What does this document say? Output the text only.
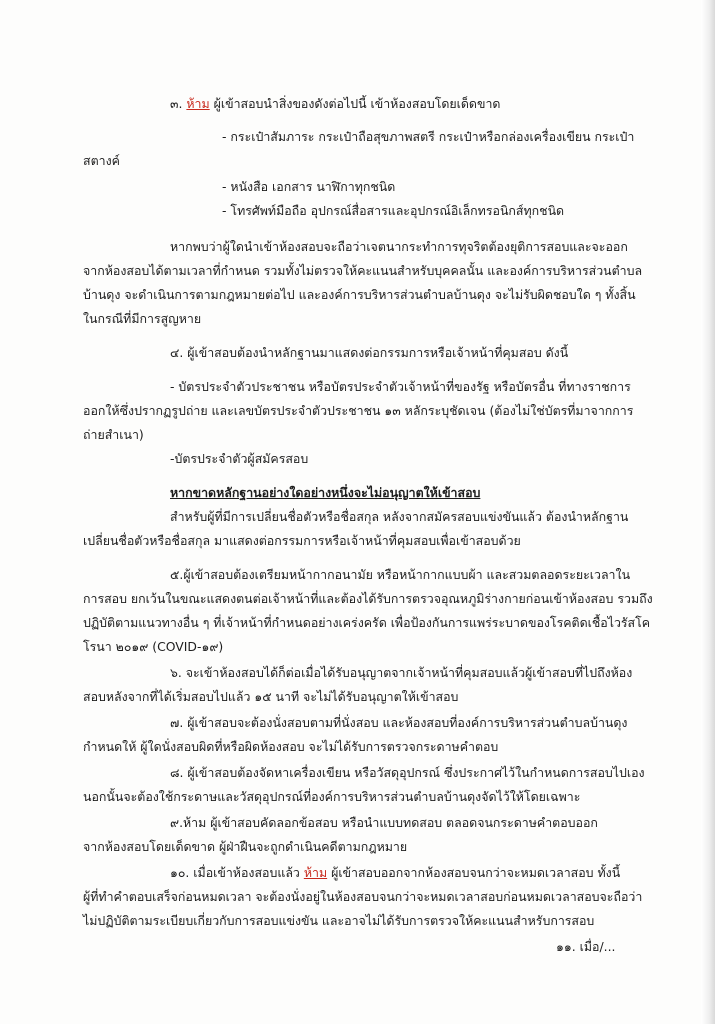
๓. ห้าม ผู้เข้าสอบนำสิ่งของดังต่อไปนี้ เข้าห้องสอบโดยเด็ดขาด
- กระเป๋าสัมภาระ กระเป๋าถือสุขภาพสตรี กระเป๋าหรือกล่องเครื่องเขียน กระเป๋า
สตางค์
- หนังสือ เอกสาร นาฬิกาทุกชนิด
- โทรศัพท์มือถือ อุปกรณ์สื่อสารและอุปกรณ์อิเล็กทรอนิกส์ทุกชนิด
หากพบว่าผู้ใดนำเข้าห้องสอบจะถือว่าเจตนากระทำการทุจริตต้องยุติการสอบและจะออก
จากห้องสอบได้ตามเวลาที่กำหนด รวมทั้งไม่ตรวจให้คะแนนสำหรับบุคคลนั้น และองค์การบริหารส่วนตำบล
บ้านดุง จะดำเนินการตามกฎหมายต่อไป และองค์การบริหารส่วนตำบลบ้านดุง จะไม่รับผิดชอบใด ๆ ทั้งสิ้น
ในกรณีที่มีการสูญหาย
๔. ผู้เข้าสอบต้องนำหลักฐานมาแสดงต่อกรรมการหรือเจ้าหน้าที่คุมสอบ ดังนี้
- บัตรประจำตัวประชาชน หรือบัตรประจำตัวเจ้าหน้าที่ของรัฐ หรือบัตรอื่น ที่ทางราชการ
ออกให้ซึ่งปรากฏรูปถ่าย และเลขบัตรประจำตัวประชาชน ๑๓ หลักระบุชัดเจน (ต้องไม่ใช่บัตรที่มาจากการ
ถ่ายสำเนา)
-บัตรประจำตัวผู้สมัครสอบ
หากขาดหลักฐานอย่างใดอย่างหนึ่งจะไม่อนุญาตให้เข้าสอบ
สำหรับผู้ที่มีการเปลี่ยนชื่อตัวหรือชื่อสกุล หลังจากสมัครสอบแข่งขันแล้ว ต้องนำหลักฐาน
เปลี่ยนชื่อตัวหรือชื่อสกุล มาแสดงต่อกรรมการหรือเจ้าหน้าที่คุมสอบเพื่อเข้าสอบด้วย
๕.ผู้เข้าสอบต้องเตรียมหน้ากากอนามัย หรือหน้ากากแบบผ้า และสวมตลอดระยะเวลาใน
การสอบ ยกเว้นในขณะแสดงตนต่อเจ้าหน้าที่และต้องได้รับการตรวจอุณหภูมิร่างกายก่อนเข้าห้องสอบ รวมถึง
ปฏิบัติตามแนวทางอื่น ๆ ที่เจ้าหน้าที่กำหนดอย่างเคร่งครัด เพื่อป้องกันการแพร่ระบาดของโรคติดเชื้อไวรัสโค
โรนา ๒๐๑๙ (COVID-๑๙)
๖. จะเข้าห้องสอบได้ก็ต่อเมื่อได้รับอนุญาตจากเจ้าหน้าที่คุมสอบแล้วผู้เข้าสอบที่ไปถึงห้อง
สอบหลังจากที่ได้เริ่มสอบไปแล้ว ๑๕ นาที จะไม่ได้รับอนุญาตให้เข้าสอบ
๗. ผู้เข้าสอบจะต้องนั่งสอบตามที่นั่งสอบ และห้องสอบที่องค์การบริหารส่วนตำบลบ้านดุง
กำหนดให้ ผู้ใดนั่งสอบผิดที่หรือผิดห้องสอบ จะไม่ได้รับการตรวจกระดาษคำตอบ
๘. ผู้เข้าสอบต้องจัดหาเครื่องเขียน หรือวัสดุอุปกรณ์ ซึ่งประกาศไว้ในกำหนดการสอบไปเอง
นอกนั้นจะต้องใช้กระดาษและวัสดุอุปกรณ์ที่องค์การบริหารส่วนตำบลบ้านดุงจัดไว้ให้โดยเฉพาะ
๙.ห้าม ผู้เข้าสอบคัดลอกข้อสอบ หรือนำแบบทดสอบ ตลอดจนกระดาษคำตอบออก
จากห้องสอบโดยเด็ดขาด ผู้ฝ่าฝืนจะถูกดำเนินคดีตามกฎหมาย
๑๐. เมื่อเข้าห้องสอบแล้ว ห้าม ผู้เข้าสอบออกจากห้องสอบจนกว่าจะหมดเวลาสอบ ทั้งนี้
ผู้ที่ทำคำตอบเสร็จก่อนหมดเวลา จะต้องนั่งอยู่ในห้องสอบจนกว่าจะหมดเวลาสอบก่อนหมดเวลาสอบจะถือว่า
ไม่ปฏิบัติตามระเบียบเกี่ยวกับการสอบแข่งขัน และอาจไม่ได้รับการตรวจให้คะแนนสำหรับการสอบ
๑๑. เมื่อ/...
